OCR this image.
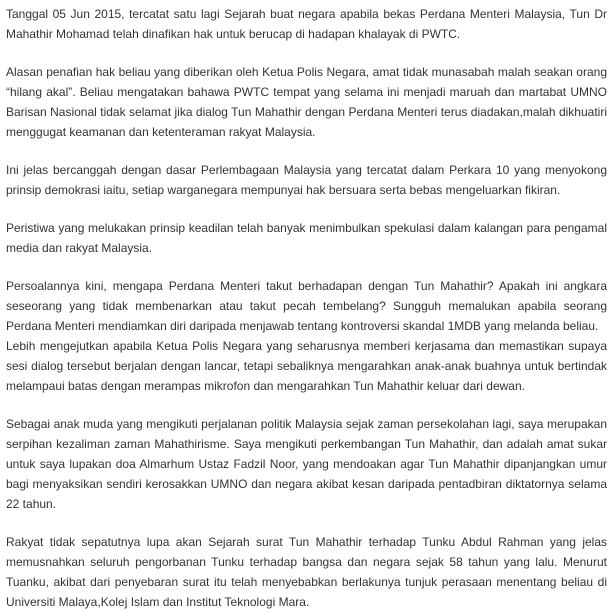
Tanggal 05 Jun 2015, tercatat satu lagi Sejarah buat negara apabila bekas Perdana Menteri Malaysia, Tun Dr Mahathir Mohamad telah dinafikan hak untuk berucap di hadapan khalayak di PWTC.

Alasan penafian hak beliau yang diberikan oleh Ketua Polis Negara, amat tidak munasabah malah seakan orang “hilang akal”. Beliau mengatakan bahawa PWTC tempat yang selama ini menjadi maruah dan martabat UMNO Barisan Nasional tidak selamat jika dialog Tun Mahathir dengan Perdana Menteri terus diadakan,malah dikhuatiri menggugat keamanan dan ketenteraman rakyat Malaysia.

Ini jelas bercanggah dengan dasar Perlembagaan Malaysia yang tercatat dalam Perkara 10 yang menyokong prinsip demokrasi iaitu, setiap warganegara mempunyai hak bersuara serta bebas mengeluarkan fikiran.

Peristiwa yang melukakan prinsip keadilan telah banyak menimbulkan spekulasi dalam kalangan para pengamal media dan rakyat Malaysia.

Persoalannya kini, mengapa Perdana Menteri takut berhadapan dengan Tun Mahathir? Apakah ini angkara seseorang yang tidak membenarkan atau takut pecah tembelang? Sungguh memalukan apabila seorang Perdana Menteri mendiamkan diri daripada menjawab tentang kontroversi skandal 1MDB yang melanda beliau.

Lebih mengejutkan apabila Ketua Polis Negara yang seharusnya memberi kerjasama dan memastikan supaya sesi dialog tersebut berjalan dengan lancar, tetapi sebaliknya mengarahkan anak-anak buahnya untuk bertindak melampaui batas dengan merampas mikrofon dan mengarahkan Tun Mahathir keluar dari dewan.

Sebagai anak muda yang mengikuti perjalanan politik Malaysia sejak zaman persekolahan lagi, saya merupakan serpihan kezaliman zaman Mahathirisme. Saya mengikuti perkembangan Tun Mahathir, dan adalah amat sukar untuk saya lupakan doa Almarhum Ustaz Fadzil Noor, yang mendoakan agar Tun Mahathir dipanjangkan umur bagi menyaksikan sendiri kerosakkan UMNO dan negara akibat kesan daripada pentadbiran diktatornya selama 22 tahun.

Rakyat tidak sepatutnya lupa akan Sejarah surat Tun Mahathir terhadap Tunku Abdul Rahman yang jelas memusnahkan seluruh pengorbanan Tunku terhadap bangsa dan negara sejak 58 tahun yang lalu. Menurut Tuanku, akibat dari penyebaran surat itu telah menyebabkan berlakunya tunjuk perasaan menentang beliau di Universiti Malaya,Kolej Islam dan Institut Teknologi Mara.
